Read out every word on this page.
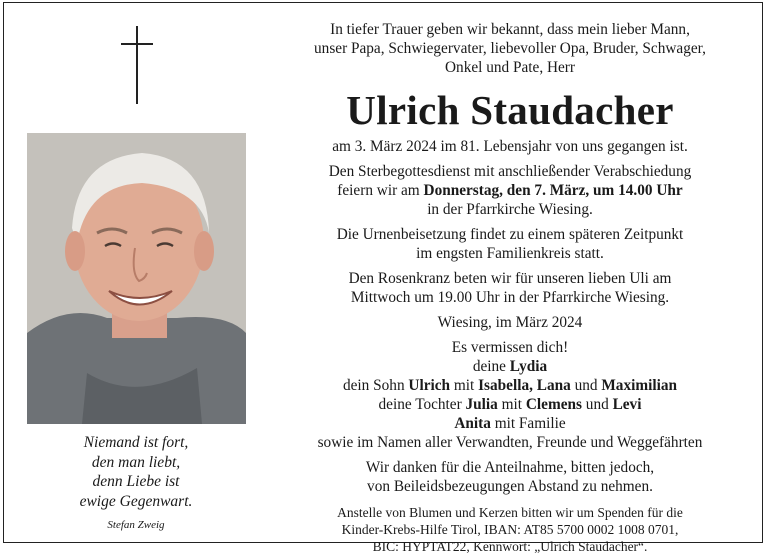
Niemand ist fort,
den man liebt,
denn Liebe ist
ewige Gegenwart.
Stefan Zweig
In tiefer Trauer geben wir bekannt, dass mein lieber Mann,
unser Papa, Schwiegervater, liebevoller Opa, Bruder, Schwager,
Onkel und Pate, Herr
Ulrich Staudacher
am 3. März 2024 im 81. Lebensjahr von uns gegangen ist.
Den Sterbegottesdienst mit anschließender Verabschiedung
feiern wir am Donnerstag, den 7. März, um 14.00 Uhr
in der Pfarrkirche Wiesing.
Die Urnenbeisetzung findet zu einem späteren Zeitpunkt
im engsten Familienkreis statt.
Den Rosenkranz beten wir für unseren lieben Uli am
Mittwoch um 19.00 Uhr in der Pfarrkirche Wiesing.
Wiesing, im März 2024
Es vermissen dich!
deine Lydia
dein Sohn Ulrich mit Isabella, Lana und Maximilian
deine Tochter Julia mit Clemens und Levi
Anita mit Familie
sowie im Namen aller Verwandten, Freunde und Weggefährten
Wir danken für die Anteilnahme, bitten jedoch,
von Beileidsbezeugungen Abstand zu nehmen.
Anstelle von Blumen und Kerzen bitten wir um Spenden für die
Kinder-Krebs-Hilfe Tirol, IBAN: AT85 5700 0002 1008 0701,
BIC: HYPTAT22, Kennwort: „Ulrich Staudacher“.
